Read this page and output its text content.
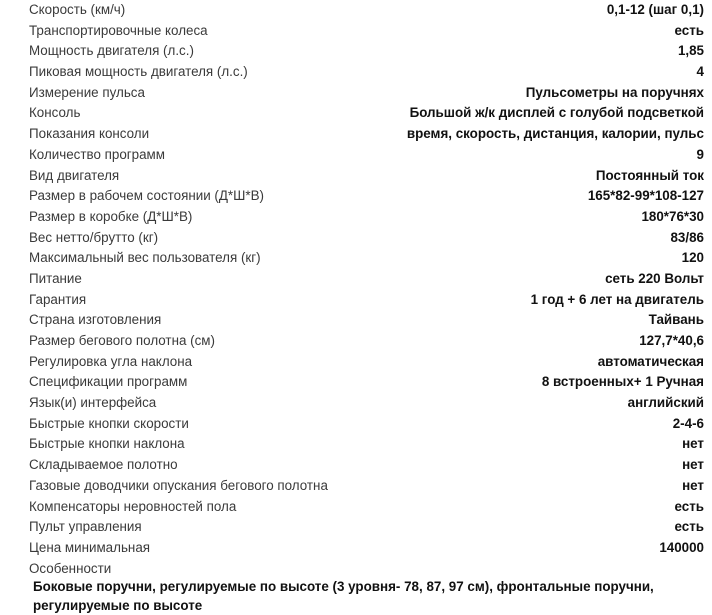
Скорость (км/ч)	0,1-12 (шаг 0,1)
Транспортировочные колеса	есть
Мощность двигателя (л.с.)	1,85
Пиковая мощность двигателя (л.с.)	4
Измерение пульса	Пульсометры на поручнях
Консоль	Большой ж/к дисплей с голубой подсветкой
Показания консоли	время, скорость, дистанция, калории, пульс
Количество программ	9
Вид двигателя	Постоянный ток
Размер в рабочем состоянии (Д*Ш*В)	165*82-99*108-127
Размер в коробке (Д*Ш*В)	180*76*30
Вес нетто/брутто (кг)	83/86
Максимальный вес пользователя (кг)	120
Питание	сеть 220 Вольт
Гарантия	1 год + 6 лет на двигатель
Страна изготовления	Тайвань
Размер бегового полотна (см)	127,7*40,6
Регулировка угла наклона	автоматическая
Спецификации программ	8 встроенных+ 1 Ручная
Язык(и) интерфейса	английский
Быстрые кнопки скорости	2-4-6
Быстрые кнопки наклона	нет
Складываемое полотно	нет
Газовые доводчики опускания бегового полотна	нет
Компенсаторы неровностей пола	есть
Пульт управления	есть
Цена минимальная	140000
Особенности
Боковые поручни, регулируемые по высоте (3 уровня- 78, 87, 97 см), фронтальные поручни, регулируемые по высоте
